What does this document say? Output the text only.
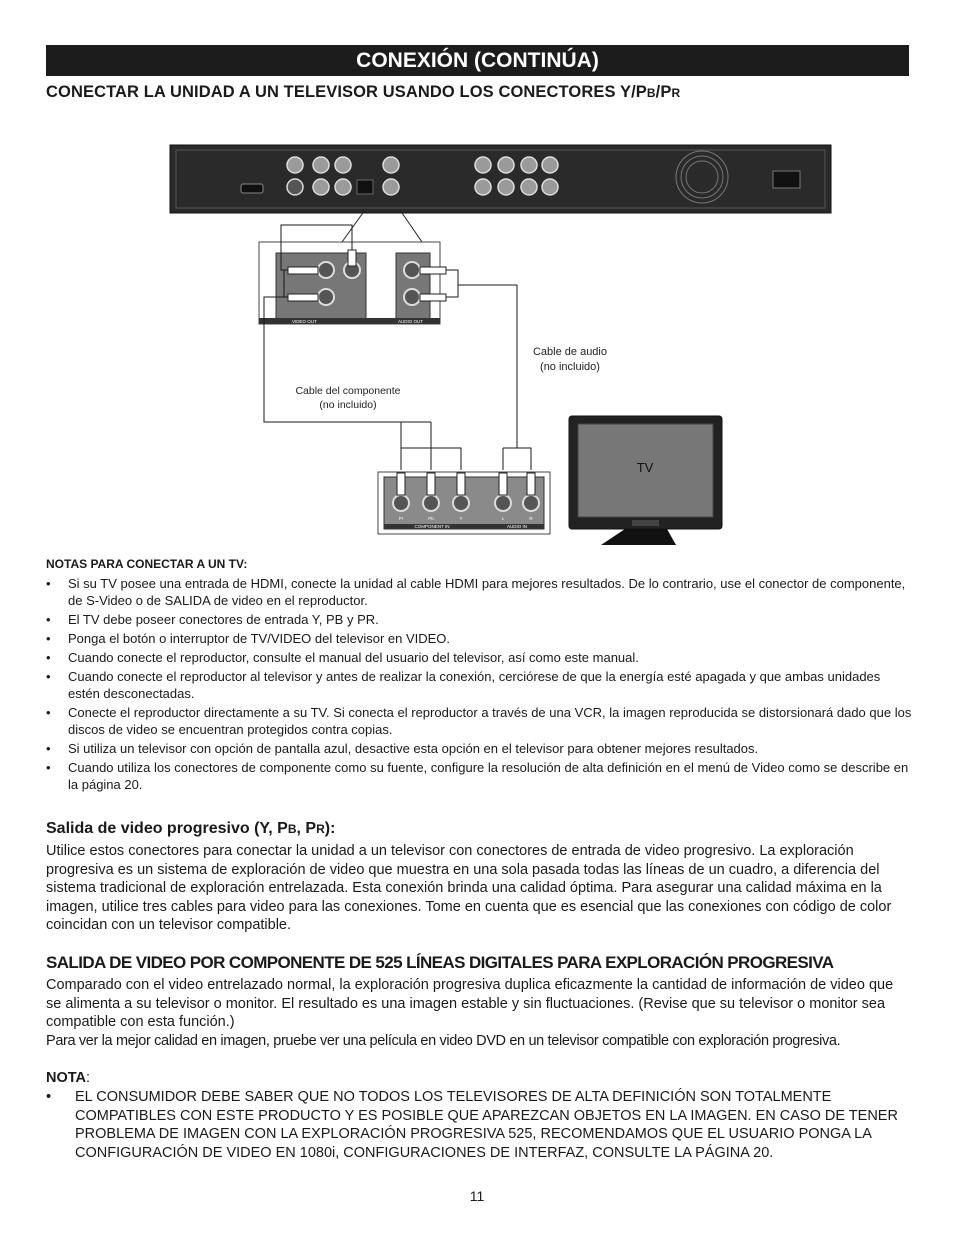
CONEXIÓN (CONTINÚA)
CONECTAR LA UNIDAD A UN TELEVISOR USANDO LOS CONECTORES Y/PB/PR
VIDEO OUT	AUDIO OUT
Cable de audio
(no incluido)
Cable del componente
(no incluido)
Pr	Pb	Y	L	R
COMPONENT IN	AUDIO IN
TV
NOTAS PARA CONECTAR A UN TV:
• Si su TV posee una entrada de HDMI, conecte la unidad al cable HDMI para mejores resultados. De lo contrario, use el conector de componente, de S-Video o de SALIDA de video en el reproductor.
• El TV debe poseer conectores de entrada Y, PB y PR.
• Ponga el botón o interruptor de TV/VIDEO del televisor en VIDEO.
• Cuando conecte el reproductor, consulte el manual del usuario del televisor, así como este manual.
• Cuando conecte el reproductor al televisor y antes de realizar la conexión, cerciórese de que la energía esté apagada y que ambas unidades estén desconectadas.
• Conecte el reproductor directamente a su TV. Si conecta el reproductor a través de una VCR, la imagen reproducida se distorsionará dado que los discos de video se encuentran protegidos contra copias.
• Si utiliza un televisor con opción de pantalla azul, desactive esta opción en el televisor para obtener mejores resultados.
• Cuando utiliza los conectores de componente como su fuente, configure la resolución de alta definición en el menú de Video como se describe en la página 20.
Salida de video progresivo (Y, PB, PR):

Utilice estos conectores para conectar la unidad a un televisor con conectores de entrada de video progresivo. La exploración progresiva es un sistema de exploración de video que muestra en una sola pasada todas las líneas de un cuadro, a diferencia del sistema tradicional de exploración entrelazada. Esta conexión brinda una calidad óptima. Para asegurar una calidad máxima en la imagen, utilice tres cables para video para las conexiones. Tome en cuenta que es esencial que las conexiones con código de color coincidan con un televisor compatible.

SALIDA DE VIDEO POR COMPONENTE DE 525 LÍNEAS DIGITALES PARA EXPLORACIÓN PROGRESIVA

Comparado con el video entrelazado normal, la exploración progresiva duplica eficazmente la cantidad de información de video que se alimenta a su televisor o monitor. El resultado es una imagen estable y sin fluctuaciones. (Revise que su televisor o monitor sea compatible con esta función.)

Para ver la mejor calidad en imagen, pruebe ver una película en video DVD en un televisor compatible con exploración progresiva.

NOTA:
• EL CONSUMIDOR DEBE SABER QUE NO TODOS LOS TELEVISORES DE ALTA DEFINICIÓN SON TOTALMENTE COMPATIBLES CON ESTE PRODUCTO Y ES POSIBLE QUE APAREZCAN OBJETOS EN LA IMAGEN. EN CASO DE TENER PROBLEMA DE IMAGEN CON LA EXPLORACIÓN PROGRESIVA 525, RECOMENDAMOS QUE EL USUARIO PONGA LA CONFIGURACIÓN DE VIDEO EN 1080i, CONFIGURACIONES DE INTERFAZ, CONSULTE LA PÁGINA 20.
11
